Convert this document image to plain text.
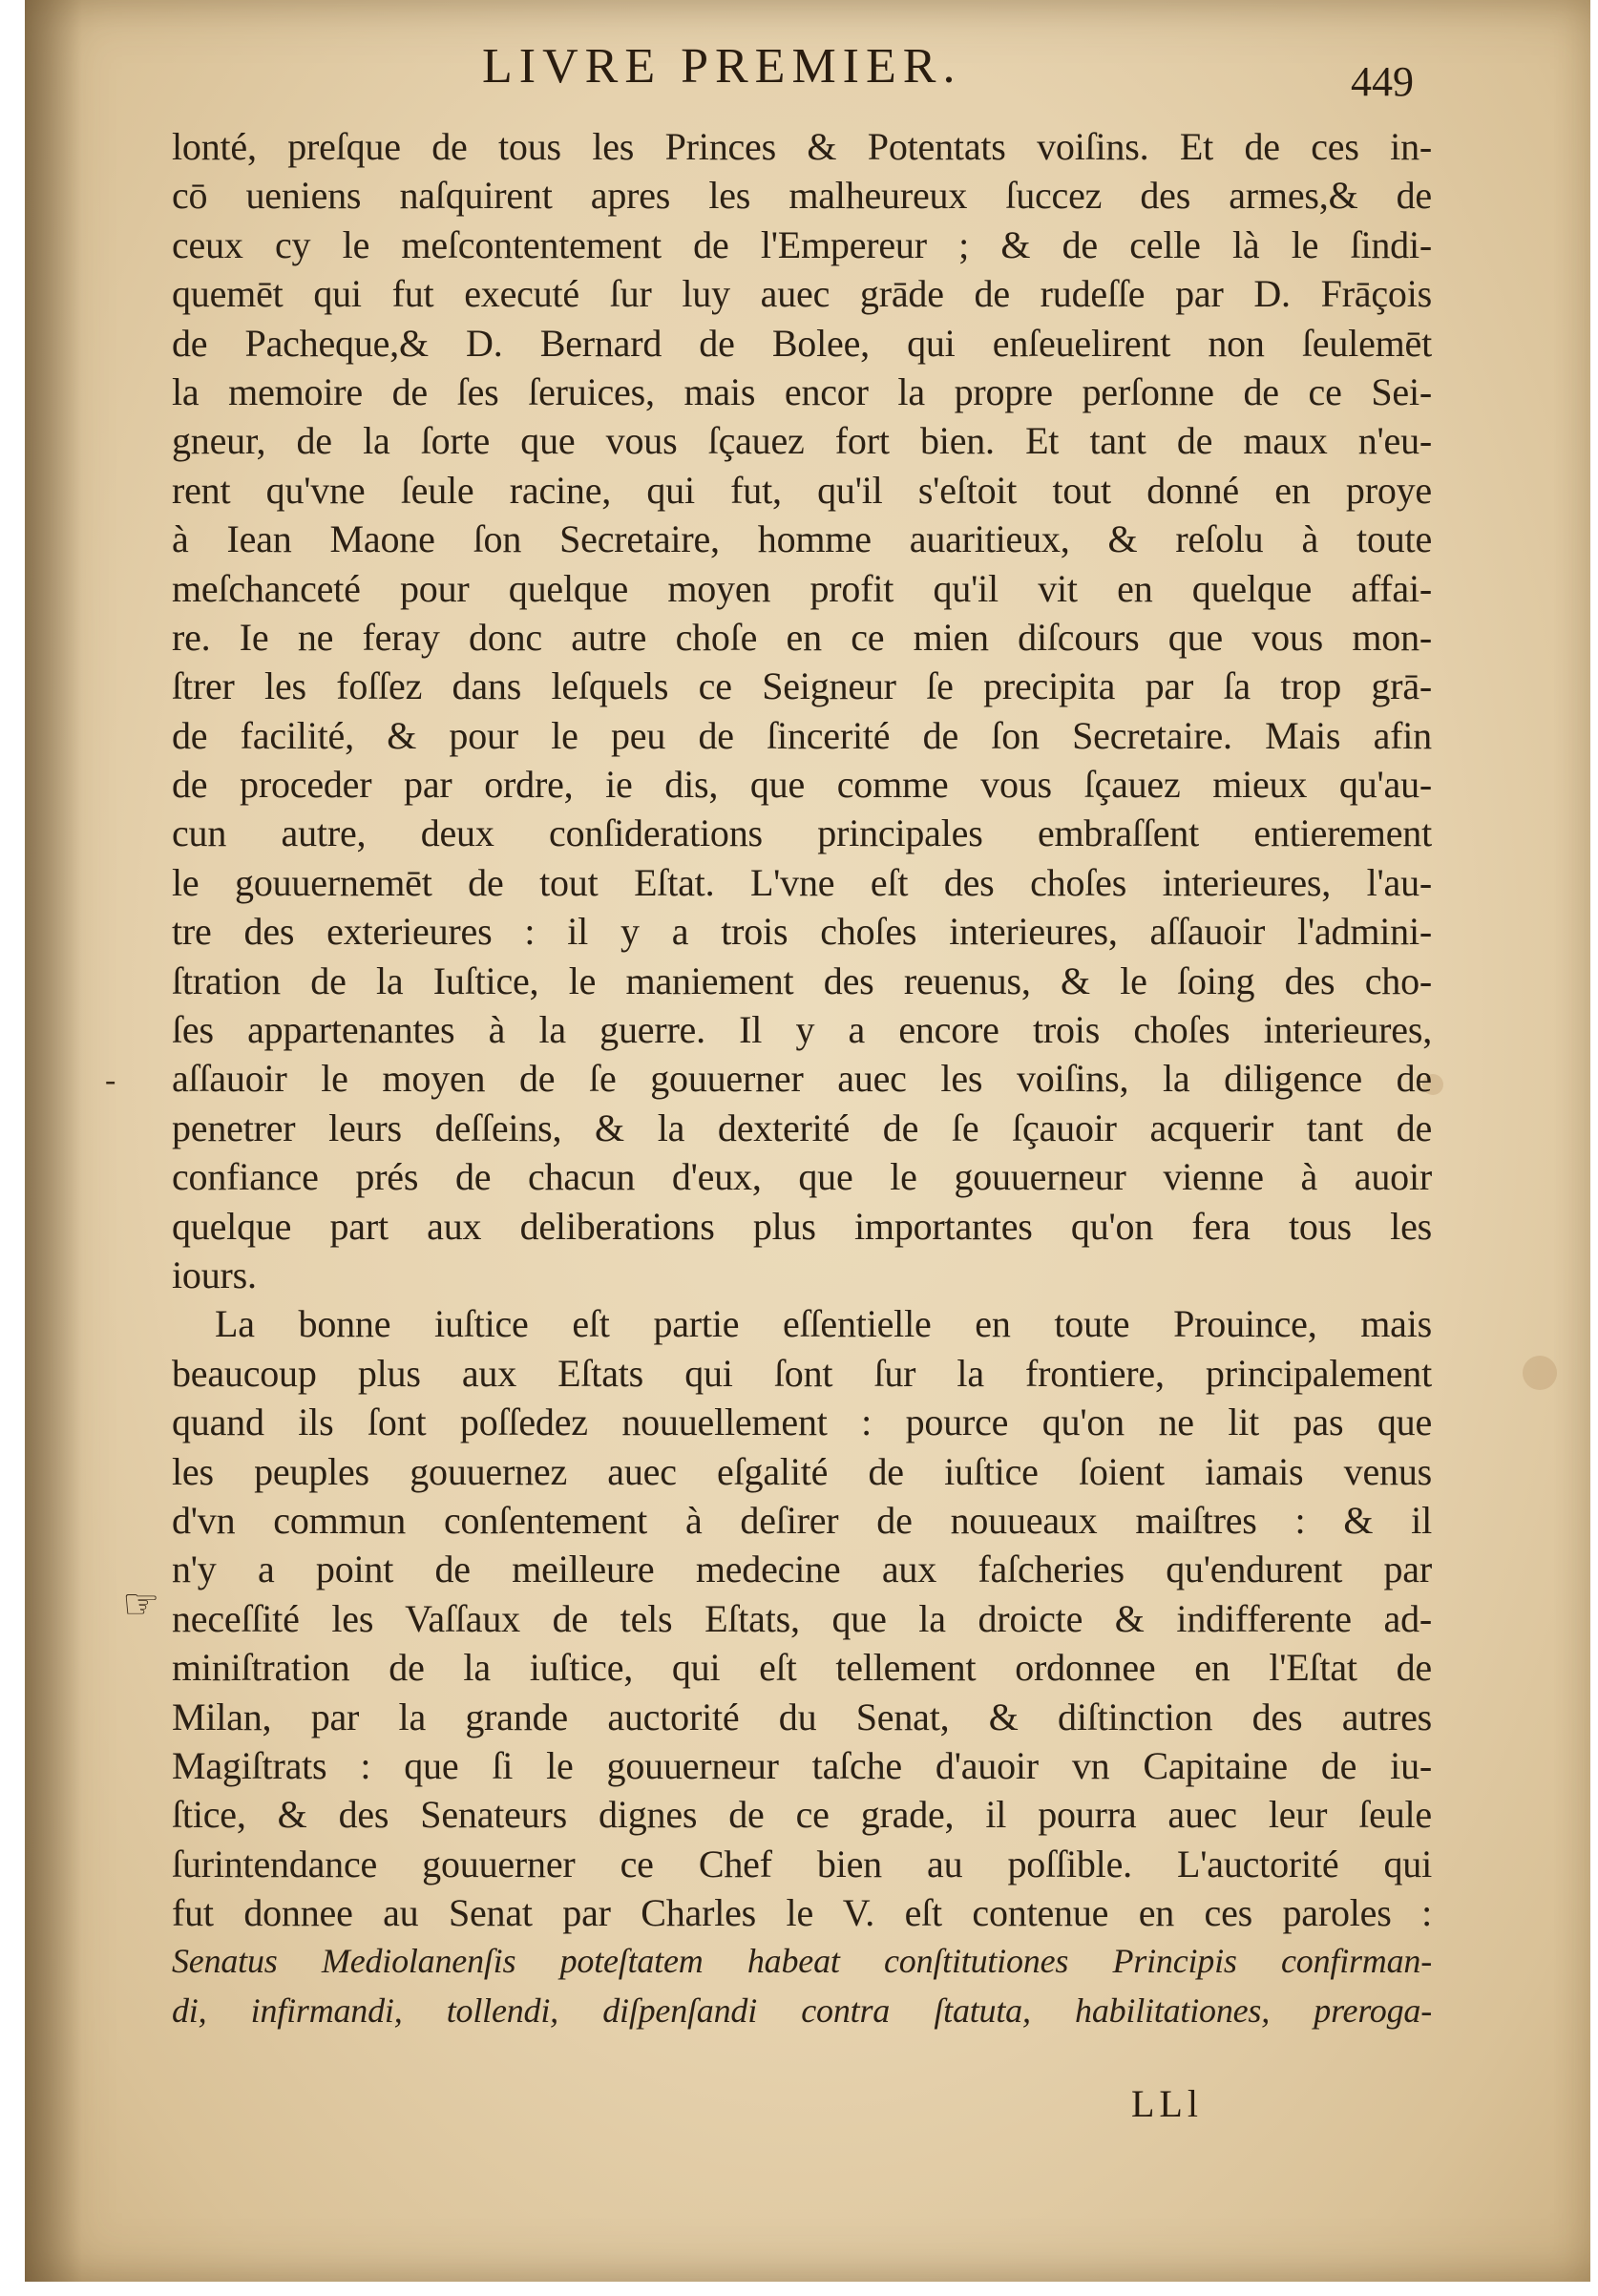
LIVRE PREMIER.	449
lonté, preſque de tous les Princes & Potentats voiſins. Et de ces in-
cō ueniens naſquirent apres les malheureux ſuccez des armes,& de
ceux cy le meſcontentement de l'Empereur ; & de celle là le ſindi-
quemēt qui fut executé ſur luy auec grāde de rudeſſe par D. Frāçois
de Pacheque,& D. Bernard de Bolee, qui enſeuelirent non ſeulemēt
la memoire de ſes ſeruices, mais encor la propre perſonne de ce Sei-
gneur, de la ſorte que vous ſçauez fort bien. Et tant de maux n'eu-
rent qu'vne ſeule racine, qui fut, qu'il s'eſtoit tout donné en proye
à Iean Maone ſon Secretaire, homme auaritieux, & reſolu à toute
meſchanceté pour quelque moyen profit qu'il vit en quelque affai-
re. Ie ne feray donc autre choſe en ce mien diſcours que vous mon-
ſtrer les foſſez dans leſquels ce Seigneur ſe precipita par ſa trop grā-
de facilité, & pour le peu de ſincerité de ſon Secretaire. Mais afin
de proceder par ordre, ie dis, que comme vous ſçauez mieux qu'au-
cun autre, deux conſiderations principales embraſſent entierement
le gouuernemēt de tout Eſtat. L'vne eſt des choſes interieures, l'au-
tre des exterieures : il y a trois choſes interieures, aſſauoir l'admini-
ſtration de la Iuſtice, le maniement des reuenus, & le ſoing des cho-
ſes appartenantes à la guerre. Il y a encore trois choſes interieures,
aſſauoir le moyen de ſe gouuerner auec les voiſins, la diligence de
penetrer leurs deſſeins, & la dexterité de ſe ſçauoir acquerir tant de
confiance prés de chacun d'eux, que le gouuerneur vienne à auoir
quelque part aux deliberations plus importantes qu'on fera tous les
iours.
La bonne iuſtice eſt partie eſſentielle en toute Prouince, mais
beaucoup plus aux Eſtats qui ſont ſur la frontiere, principalement
quand ils ſont poſſedez nouuellement : pource qu'on ne lit pas que
les peuples gouuernez auec eſgalité de iuſtice ſoient iamais venus
d'vn commun conſentement à deſirer de nouueaux maiſtres : & il
n'y a point de meilleure medecine aux faſcheries qu'endurent par
neceſſité les Vaſſaux de tels Eſtats, que la droicte & indifferente ad-
miniſtration de la iuſtice, qui eſt tellement ordonnee en l'Eſtat de
Milan, par la grande auctorité du Senat, & diſtinction des autres
Magiſtrats : que ſi le gouuerneur taſche d'auoir vn Capitaine de iu-
ſtice, & des Senateurs dignes de ce grade, il pourra auec leur ſeule
ſurintendance gouuerner ce Chef bien au poſſible. L'auctorité qui
fut donnee au Senat par Charles le V. eſt contenue en ces paroles :
Senatus Mediolanenſis poteſtatem habeat conſtitutiones Principis confirman-
di, infirmandi, tollendi, diſpenſandi contra ſtatuta, habilitationes, preroga-
LLl
-
☞
